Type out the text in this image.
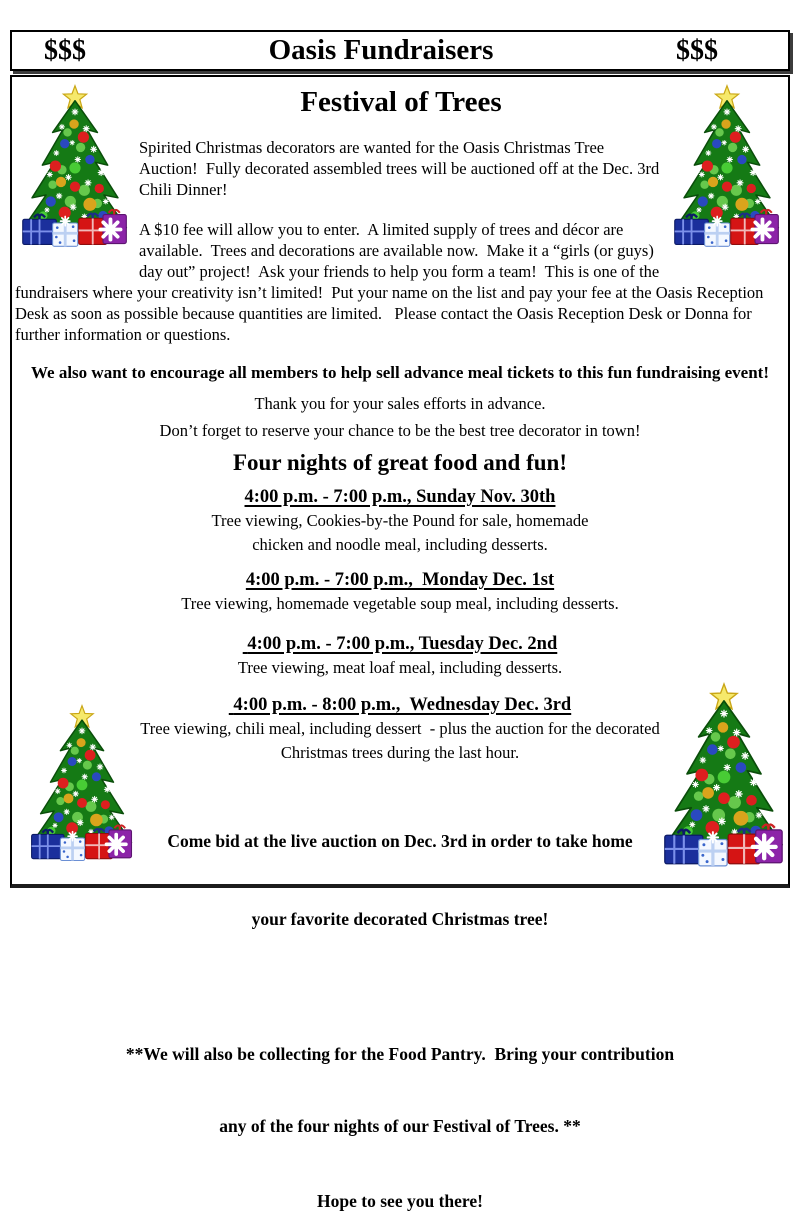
$$$	Oasis Fundraisers	$$$
Festival of Trees

Spirited Christmas decorators are wanted for the Oasis Christmas Tree Auction!  Fully decorated assembled trees will be auctioned off at the Dec. 3rd Chili Dinner!

A $10 fee will allow you to enter.  A limited supply of trees and décor are available.  Trees and decorations are available now.  Make it a “girls (or guys) day out” project!  Ask your friends to help you form a team!  This is one of the fundraisers where your creativity isn’t limited!  Put your name on the list and pay your fee at the Oasis Reception Desk as soon as possible because quantities are limited.   Please contact the Oasis Reception Desk or Donna for further information or questions.

We also want to encourage all members to help sell advance meal tickets to this fun fundraising event!
Thank you for your sales efforts in advance.
Don’t forget to reserve your chance to be the best tree decorator in town!
Four nights of great food and fun!
4:00 p.m. - 7:00 p.m., Sunday Nov. 30th
Tree viewing, Cookies-by-the Pound for sale, homemade
chicken and noodle meal, including desserts.
4:00 p.m. - 7:00 p.m.,  Monday Dec. 1st
Tree viewing, homemade vegetable soup meal, including desserts.
4:00 p.m. - 7:00 p.m., Tuesday Dec. 2nd
Tree viewing, meat loaf meal, including desserts.
4:00 p.m. - 8:00 p.m.,  Wednesday Dec. 3rd
Tree viewing, chili meal, including dessert  - plus the auction for the decorated
Christmas trees during the last hour.

Come bid at the live auction on Dec. 3rd in order to take home

your favorite decorated Christmas tree!

**We will also be collecting for the Food Pantry.  Bring your contribution

any of the four nights of our Festival of Trees. **

Hope to see you there!
